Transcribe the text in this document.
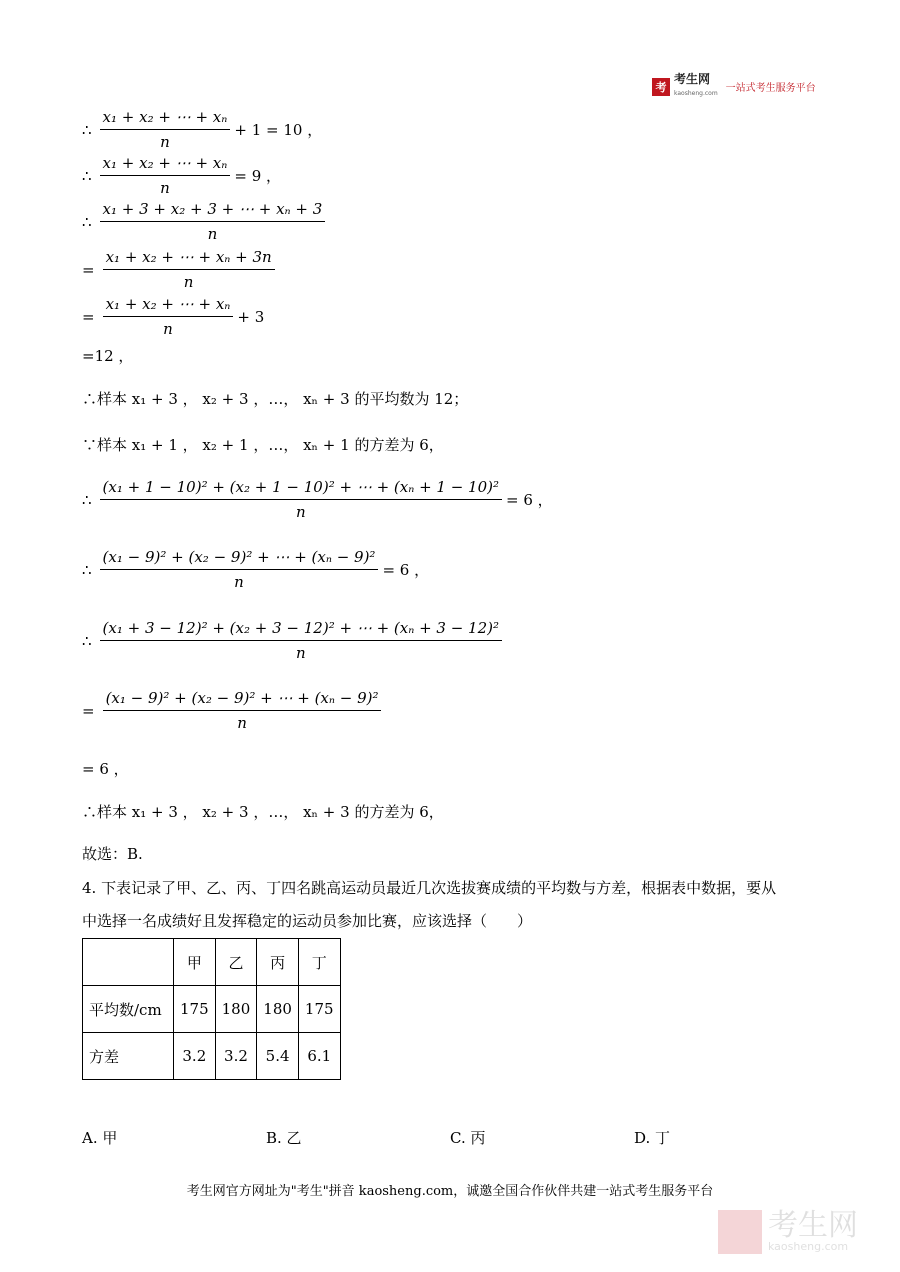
考
考生网
kaosheng.com 一站式考生服务平台
∴ $\frac{\text{x₁ + x₂ + ⋯ + xₙ}}{n} + 1 = 10$ ，
∴ $\frac{\text{x₁ + x₂ + ⋯ + xₙ}}{n} = 9$ ，
∴ $\frac{\text{x₁ + 3 + x₂ + 3 + ⋯ + xₙ + 3}}{n}$
= $\frac{\text{x₁ + x₂ + ⋯ + xₙ + 3n}}{n}$
= $\frac{\text{x₁ + x₂ + ⋯ + xₙ}}{n} + 3$
=12 ，
∴样本 x₁ + 3 ， x₂ + 3 ，…， xₙ + 3 的平均数为 12；
∵样本 x₁ + 1 ， x₂ + 1 ，…， xₙ + 1 的方差为 6，
∴ $\frac{\text{(x₁ + 1 − 10)² + (x₂ + 1 − 10)² + ⋯ + (xₙ + 1 − 10)²}}{n} = 6$ ，
∴ $\frac{\text{(x₁ − 9)² + (x₂ − 9)² + ⋯ + (xₙ − 9)²}}{n} = 6$ ，
∴ $\frac{\text{(x₁ + 3 − 12)² + (x₂ + 3 − 12)² + ⋯ + (xₙ + 3 − 12)²}}{n}$
= $\frac{\text{(x₁ − 9)² + (x₂ − 9)² + ⋯ + (xₙ − 9)²}}{n}$
= 6 ，
∴样本 x₁ + 3 ， x₂ + 3 ，…， xₙ + 3 的方差为 6，
故选：B.
4. 下表记录了甲、乙、丙、丁四名跳高运动员最近几次选拔赛成绩的平均数与方差，根据表中数据，要从
中选择一名成绩好且发挥稳定的运动员参加比赛，应该选择（　　）
	甲	乙	丙	丁
平均数/cm	175	180	180	175
方差	3.2	3.2	5.4	6.1
A. 甲	B. 乙	C. 丙	D. 丁
考生网官方网址为"考生"拼音 kaosheng.com，诚邀全国合作伙伴共建一站式考生服务平台
考生网
kaosheng.com
